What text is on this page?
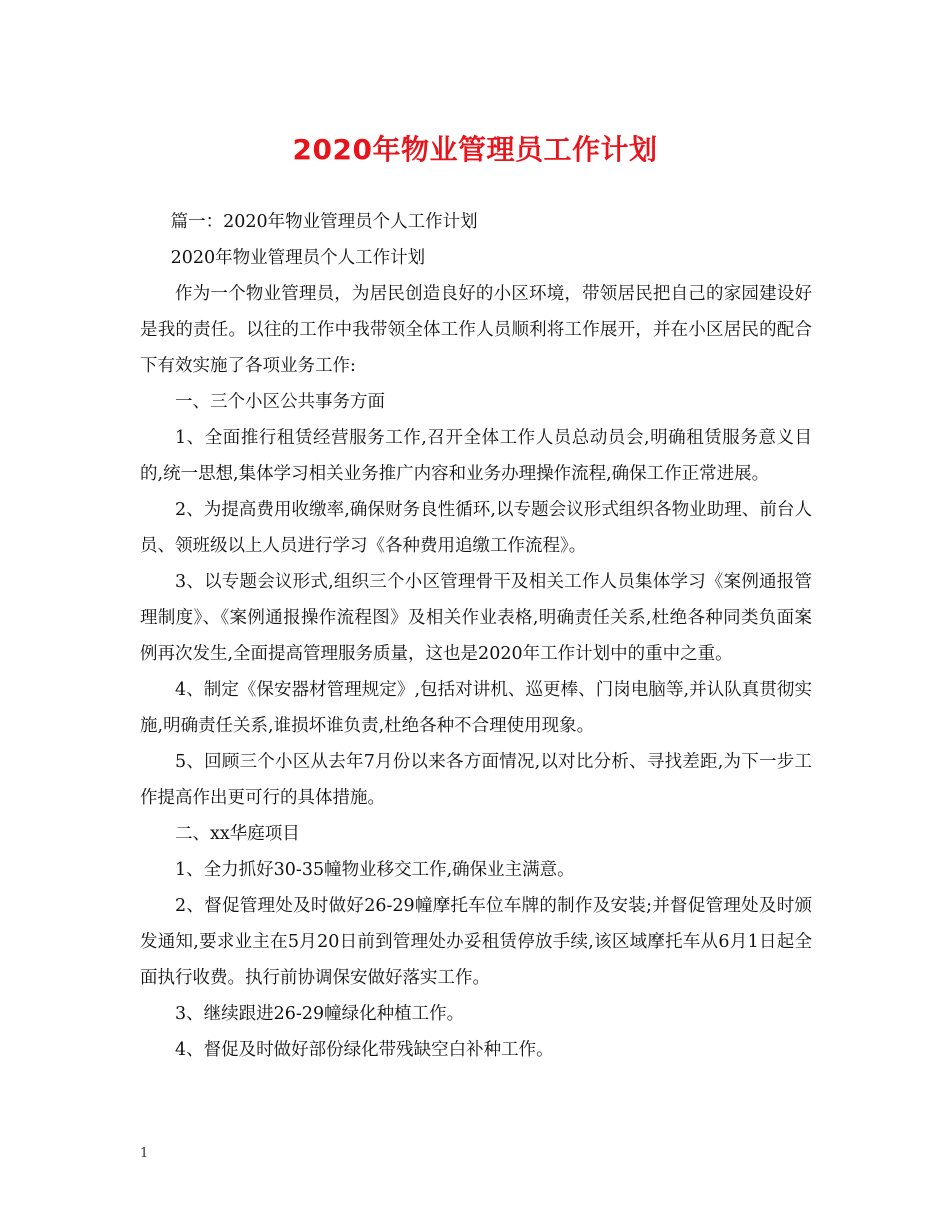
2020年物业管理员工作计划

篇一：2020年物业管理员个人工作计划

2020年物业管理员个人工作计划

作为一个物业管理员，为居民创造良好的小区环境，带领居民把自己的家园建设好是我的责任。以往的工作中我带领全体工作人员顺利将工作展开，并在小区居民的配合下有效实施了各项业务工作:

一、三个小区公共事务方面

1、全面推行租赁经营服务工作,召开全体工作人员总动员会,明确租赁服务意义目的,统一思想,集体学习相关业务推广内容和业务办理操作流程,确保工作正常进展。

2、为提高费用收缴率,确保财务良性循环,以专题会议形式组织各物业助理、前台人员、领班级以上人员进行学习《各种费用追缴工作流程》。

3、以专题会议形式,组织三个小区管理骨干及相关工作人员集体学习《案例通报管理制度》、《案例通报操作流程图》及相关作业表格,明确责任关系,杜绝各种同类负面案例再次发生,全面提高管理服务质量，这也是2020年工作计划中的重中之重。

4、制定《保安器材管理规定》,包括对讲机、巡更棒、门岗电脑等,并认队真贯彻实施,明确责任关系,谁损坏谁负责,杜绝各种不合理使用现象。

5、回顾三个小区从去年7月份以来各方面情况,以对比分析、寻找差距,为下一步工作提高作出更可行的具体措施。

二、xx华庭项目

1、全力抓好30-35幢物业移交工作,确保业主满意。

2、督促管理处及时做好26-29幢摩托车位车牌的制作及安装;并督促管理处及时颁发通知,要求业主在5月20日前到管理处办妥租赁停放手续,该区域摩托车从6月1日起全面执行收费。执行前协调保安做好落实工作。

3、继续跟进26-29幢绿化种植工作。

4、督促及时做好部份绿化带残缺空白补种工作。

1
